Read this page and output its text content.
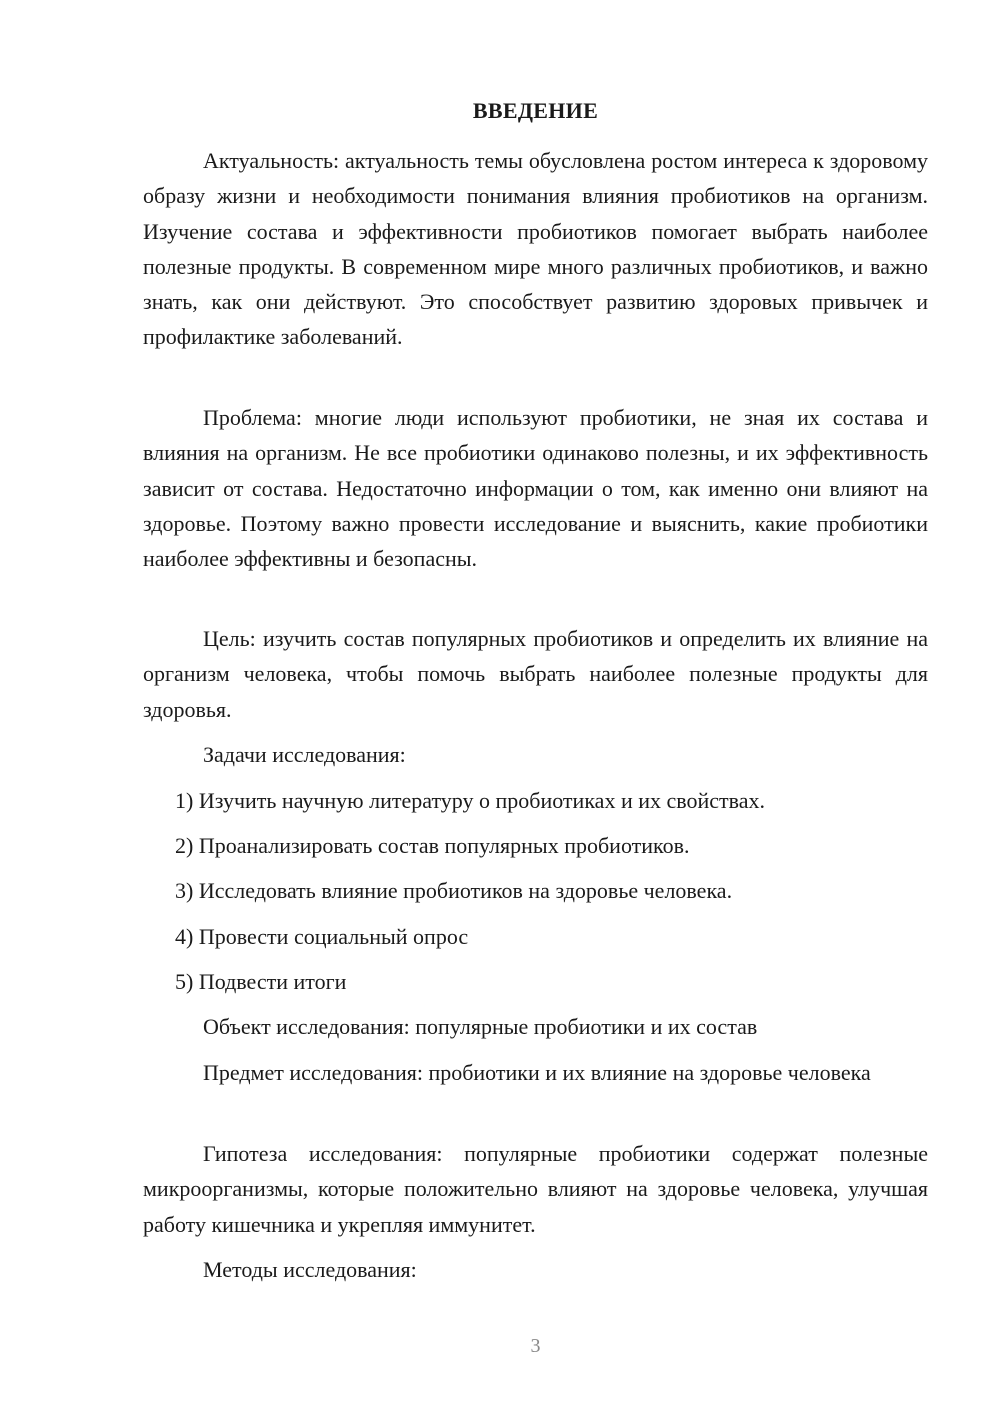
ВВЕДЕНИЕ

Актуальность: актуальность темы обусловлена ростом интереса к здоровому образу жизни и необходимости понимания влияния пробиотиков на организм. Изучение состава и эффективности пробиотиков помогает выбрать наиболее полезные продукты. В современном мире много различных пробиотиков, и важно знать, как они действуют. Это способствует развитию здоровых привычек и профилактике заболеваний.

Проблема: многие люди используют пробиотики, не зная их состава и влияния на организм. Не все пробиотики одинаково полезны, и их эффективность зависит от состава. Недостаточно информации о том, как именно они влияют на здоровье. Поэтому важно провести исследование и выяснить, какие пробиотики наиболее эффективны и безопасны.

Цель: изучить состав популярных пробиотиков и определить их влияние на организм человека, чтобы помочь выбрать наиболее полезные продукты для здоровья.

Задачи исследования:

1) Изучить научную литературу о пробиотиках и их свойствах.

2) Проанализировать состав популярных пробиотиков.

3) Исследовать влияние пробиотиков на здоровье человека.

4) Провести социальный опрос

5) Подвести итоги

Объект исследования: популярные пробиотики и их состав

Предмет исследования: пробиотики и их влияние на здоровье человека

Гипотеза исследования: популярные пробиотики содержат полезные микроорганизмы, которые положительно влияют на здоровье человека, улучшая работу кишечника и укрепляя иммунитет.

Методы исследования:

3
